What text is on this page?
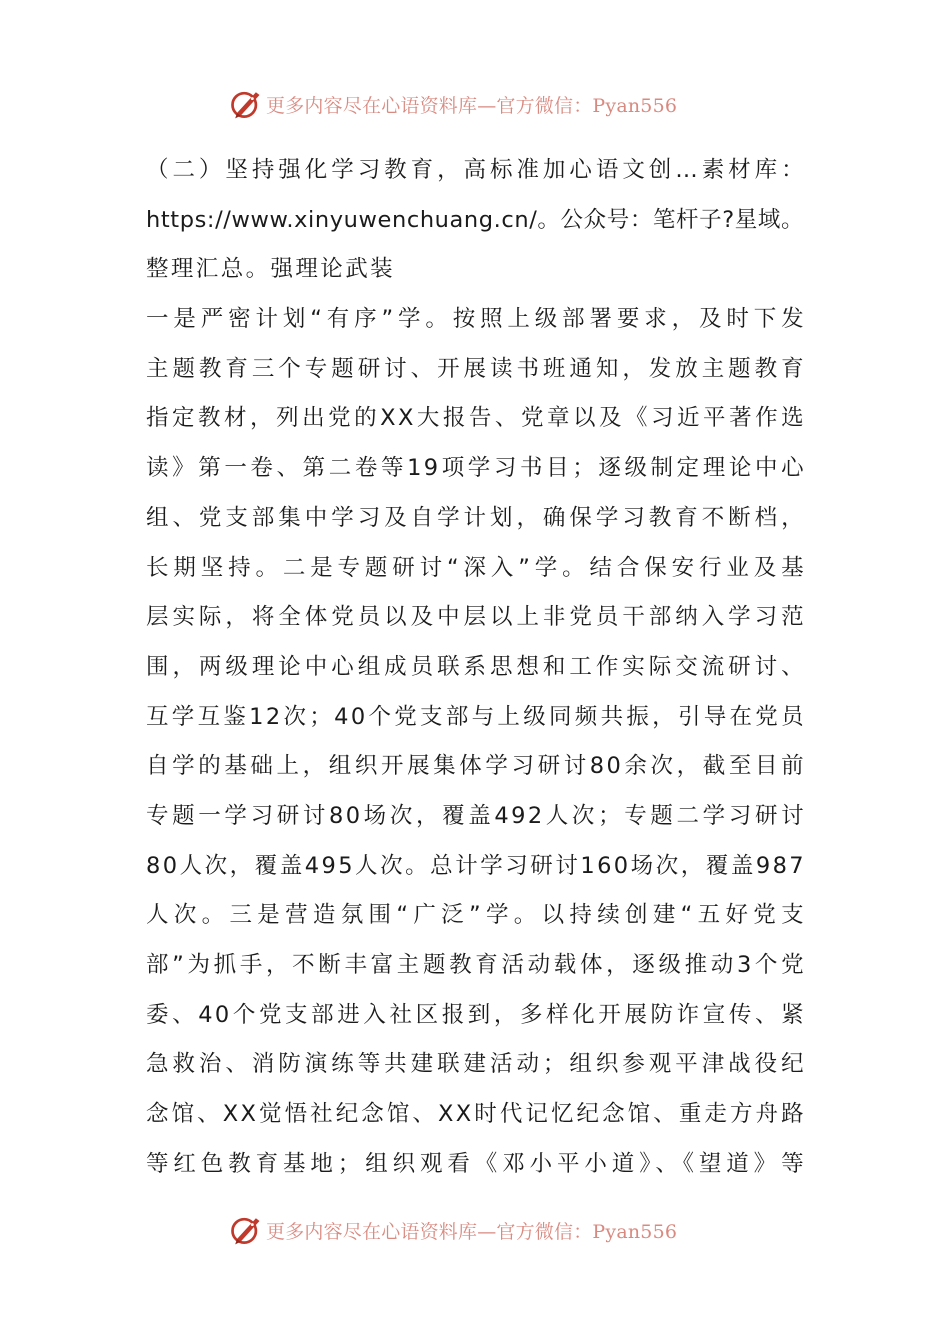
更多内容尽在心语资料库—官方微信：Pyan556
（二）坚持强化学习教育，高标准加心语文创…素材库：
https://www.xinyuwenchuang.cn/。公众号：笔杆子?星域。
整理汇总。强理论武装
一是严密计划“有序”学。按照上级部署要求，及时下发
主题教育三个专题研讨、开展读书班通知，发放主题教育
指定教材，列出党的XX大报告、党章以及《习近平著作选
读》第一卷、第二卷等19项学习书目；逐级制定理论中心
组、党支部集中学习及自学计划，确保学习教育不断档，
长期坚持。二是专题研讨“深入”学。结合保安行业及基
层实际，将全体党员以及中层以上非党员干部纳入学习范
围，两级理论中心组成员联系思想和工作实际交流研讨、
互学互鉴12次；40个党支部与上级同频共振，引导在党员
自学的基础上，组织开展集体学习研讨80余次，截至目前
专题一学习研讨80场次，覆盖492人次；专题二学习研讨
80人次，覆盖495人次。总计学习研讨160场次，覆盖987
人次。三是营造氛围“广泛”学。以持续创建“五好党支
部”为抓手，不断丰富主题教育活动载体，逐级推动3个党
委、40个党支部进入社区报到，多样化开展防诈宣传、紧
急救治、消防演练等共建联建活动；组织参观平津战役纪
念馆、XX觉悟社纪念馆、XX时代记忆纪念馆、重走方舟路
等红色教育基地；组织观看《邓小平小道》、《望道》等
更多内容尽在心语资料库—官方微信：Pyan556
